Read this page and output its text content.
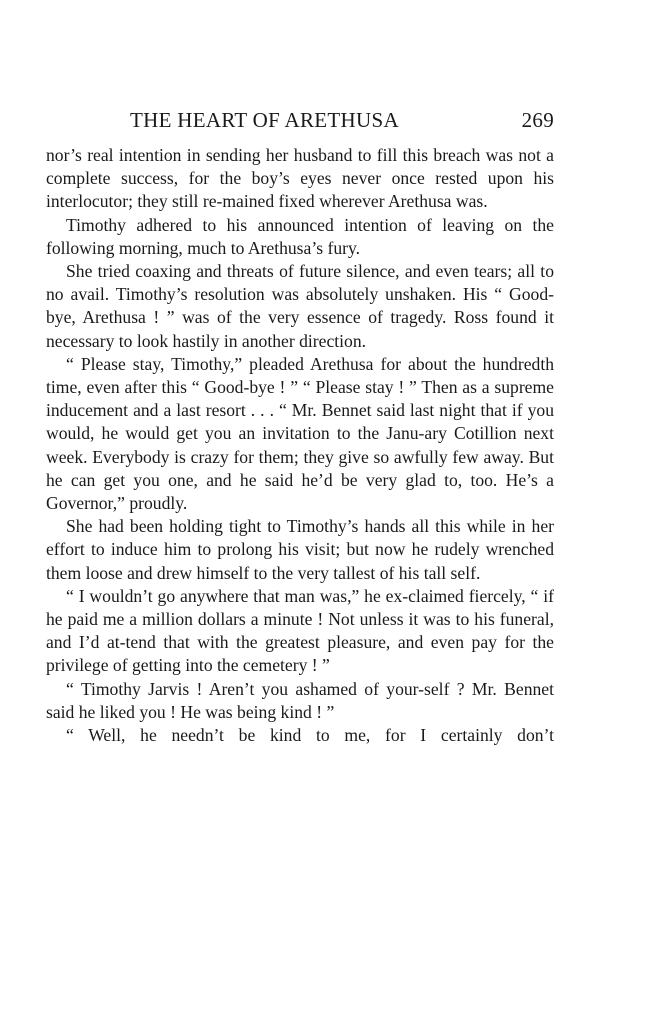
THE HEART OF ARETHUSA	269

nor’s real intention in sending her husband to fill this breach was not a complete success, for the boy’s eyes never once rested upon his interlocutor; they still re-mained fixed wherever Arethusa was.

Timothy adhered to his announced intention of leaving on the following morning, much to Arethusa’s fury.

She tried coaxing and threats of future silence, and even tears; all to no avail. Timothy’s resolution was absolutely unshaken. His “ Good-bye, Arethusa ! ” was of the very essence of tragedy. Ross found it necessary to look hastily in another direction.

“ Please stay, Timothy,” pleaded Arethusa for about the hundredth time, even after this “ Good-bye ! ” “ Please stay ! ” Then as a supreme inducement and a last resort . . . “ Mr. Bennet said last night that if you would, he would get you an invitation to the Janu-ary Cotillion next week. Everybody is crazy for them; they give so awfully few away. But he can get you one, and he said he’d be very glad to, too. He’s a Governor,” proudly.

She had been holding tight to Timothy’s hands all this while in her effort to induce him to prolong his visit; but now he rudely wrenched them loose and drew himself to the very tallest of his tall self.

“ I wouldn’t go anywhere that man was,” he ex-claimed fiercely, “ if he paid me a million dollars a minute ! Not unless it was to his funeral, and I’d at-tend that with the greatest pleasure, and even pay for the privilege of getting into the cemetery ! ”

“ Timothy Jarvis ! Aren’t you ashamed of your-self ? Mr. Bennet said he liked you ! He was being kind ! ”

“ Well, he needn’t be kind to me, for I certainly don’t
